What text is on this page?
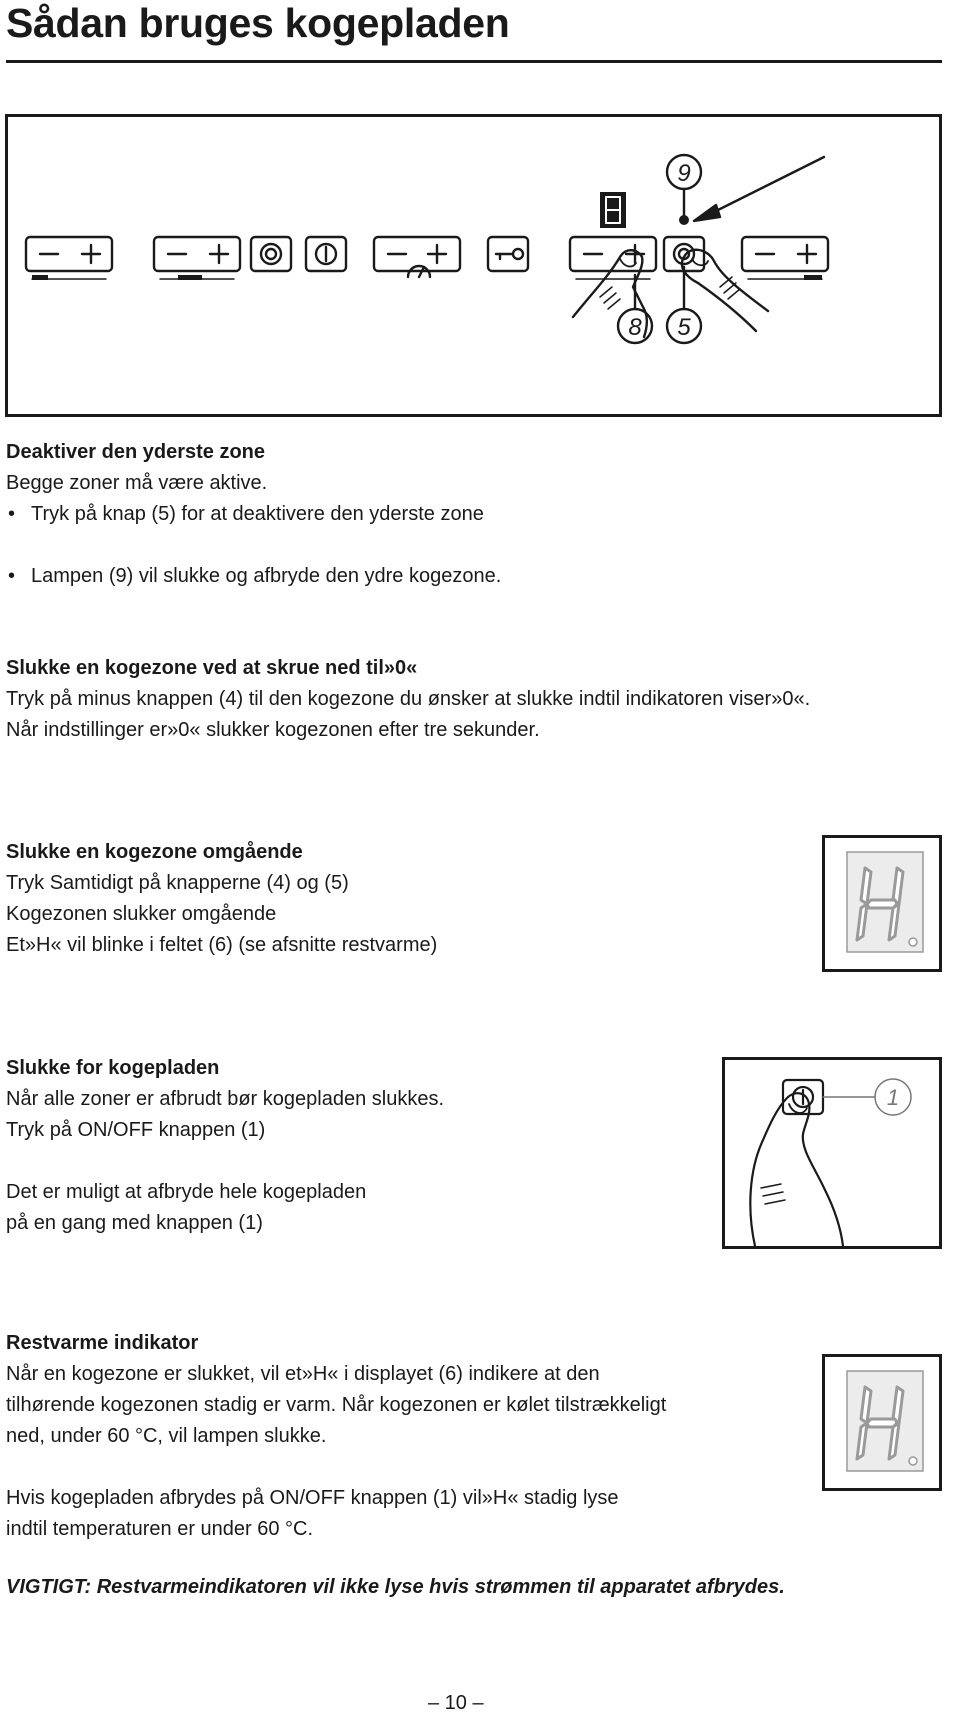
Sådan bruges kogepladen
9
8 5
Deaktiver den yderste zone
Begge zoner må være aktive.
• Tryk på knap (5) for at deaktivere den yderste zone
• Lampen (9) vil slukke og afbryde den ydre kogezone.
Slukke en kogezone ved at skrue ned til»0«
Tryk på minus knappen (4) til den kogezone du ønsker at slukke indtil indikatoren viser»0«.
Når indstillinger er»0« slukker kogezonen efter tre sekunder.
Slukke en kogezone omgående
Tryk Samtidigt på knapperne (4) og (5)
Kogezonen slukker omgående
Et»H« vil blinke i feltet (6) (se afsnitte restvarme)
Slukke for kogepladen
Når alle zoner er afbrudt bør kogepladen slukkes.
Tryk på ON/OFF knappen (1)
Det er muligt at afbryde hele kogepladen
på en gang med knappen (1)
1
Restvarme indikator
Når en kogezone er slukket, vil et»H« i displayet (6) indikere at den
tilhørende kogezonen stadig er varm. Når kogezonen er kølet tilstrækkeligt
ned, under 60 °C, vil lampen slukke.
Hvis kogepladen afbrydes på ON/OFF knappen (1) vil»H« stadig lyse
indtil temperaturen er under 60 °C.
VIGTIGT: Restvarmeindikatoren vil ikke lyse hvis strømmen til apparatet afbrydes.
– 10 –
